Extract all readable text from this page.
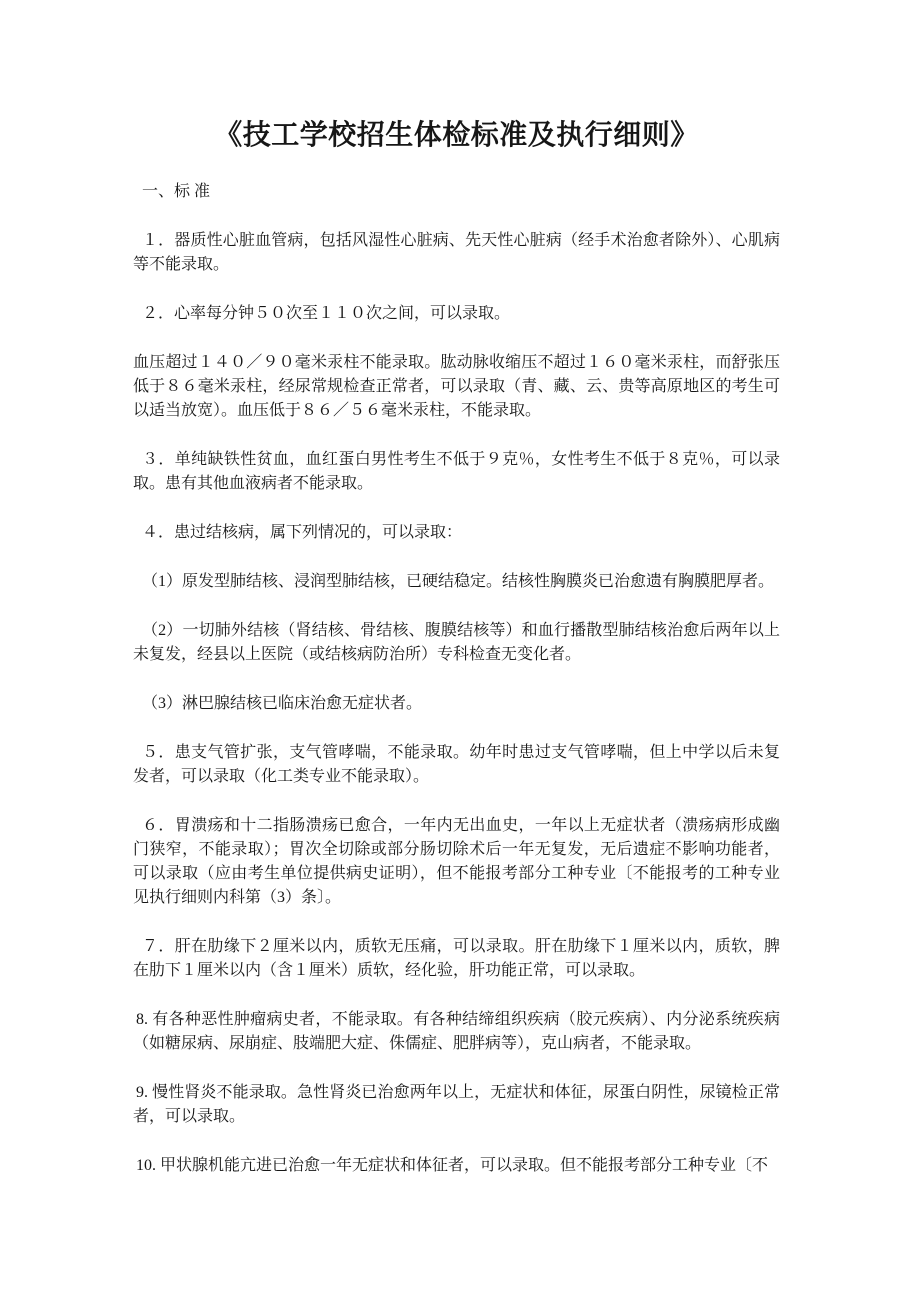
《技工学校招生体检标准及执行细则》
一、标 准

１．器质性心脏血管病，包括风湿性心脏病、先天性心脏病（经手术治愈者除外）、心肌病等不能录取。

２．心率每分钟５０次至１１０次之间，可以录取。

血压超过１４０／９０毫米汞柱不能录取。肱动脉收缩压不超过１６０毫米汞柱，而舒张压低于８６毫米汞柱，经尿常规检查正常者，可以录取（青、藏、云、贵等高原地区的考生可以适当放宽）。血压低于８６／５６毫米汞柱，不能录取。

３．单纯缺铁性贫血，血红蛋白男性考生不低于９克％，女性考生不低于８克％，可以录取。患有其他血液病者不能录取。

４．患过结核病，属下列情况的，可以录取：

（1）原发型肺结核、浸润型肺结核，已硬结稳定。结核性胸膜炎已治愈遗有胸膜肥厚者。

（2）一切肺外结核（肾结核、骨结核、腹膜结核等）和血行播散型肺结核治愈后两年以上未复发，经县以上医院（或结核病防治所）专科检查无变化者。

（3）淋巴腺结核已临床治愈无症状者。

５．患支气管扩张，支气管哮喘，不能录取。幼年时患过支气管哮喘，但上中学以后未复发者，可以录取（化工类专业不能录取）。

６．胃溃疡和十二指肠溃疡已愈合，一年内无出血史，一年以上无症状者（溃疡病形成幽门狭窄，不能录取）；胃次全切除或部分肠切除术后一年无复发，无后遗症不影响功能者，可以录取（应由考生单位提供病史证明），但不能报考部分工种专业〔不能报考的工种专业见执行细则内科第（3）条〕。

７．肝在肋缘下２厘米以内，质软无压痛，可以录取。肝在肋缘下１厘米以内，质软，脾在肋下１厘米以内（含１厘米）质软，经化验，肝功能正常，可以录取。

8. 有各种恶性肿瘤病史者，不能录取。有各种结缔组织疾病（胶元疾病）、内分泌系统疾病（如糖尿病、尿崩症、肢端肥大症、侏儒症、肥胖病等），克山病者，不能录取。

9. 慢性肾炎不能录取。急性肾炎已治愈两年以上，无症状和体征，尿蛋白阴性，尿镜检正常者，可以录取。

10. 甲状腺机能亢进已治愈一年无症状和体征者，可以录取。但不能报考部分工种专业〔不
